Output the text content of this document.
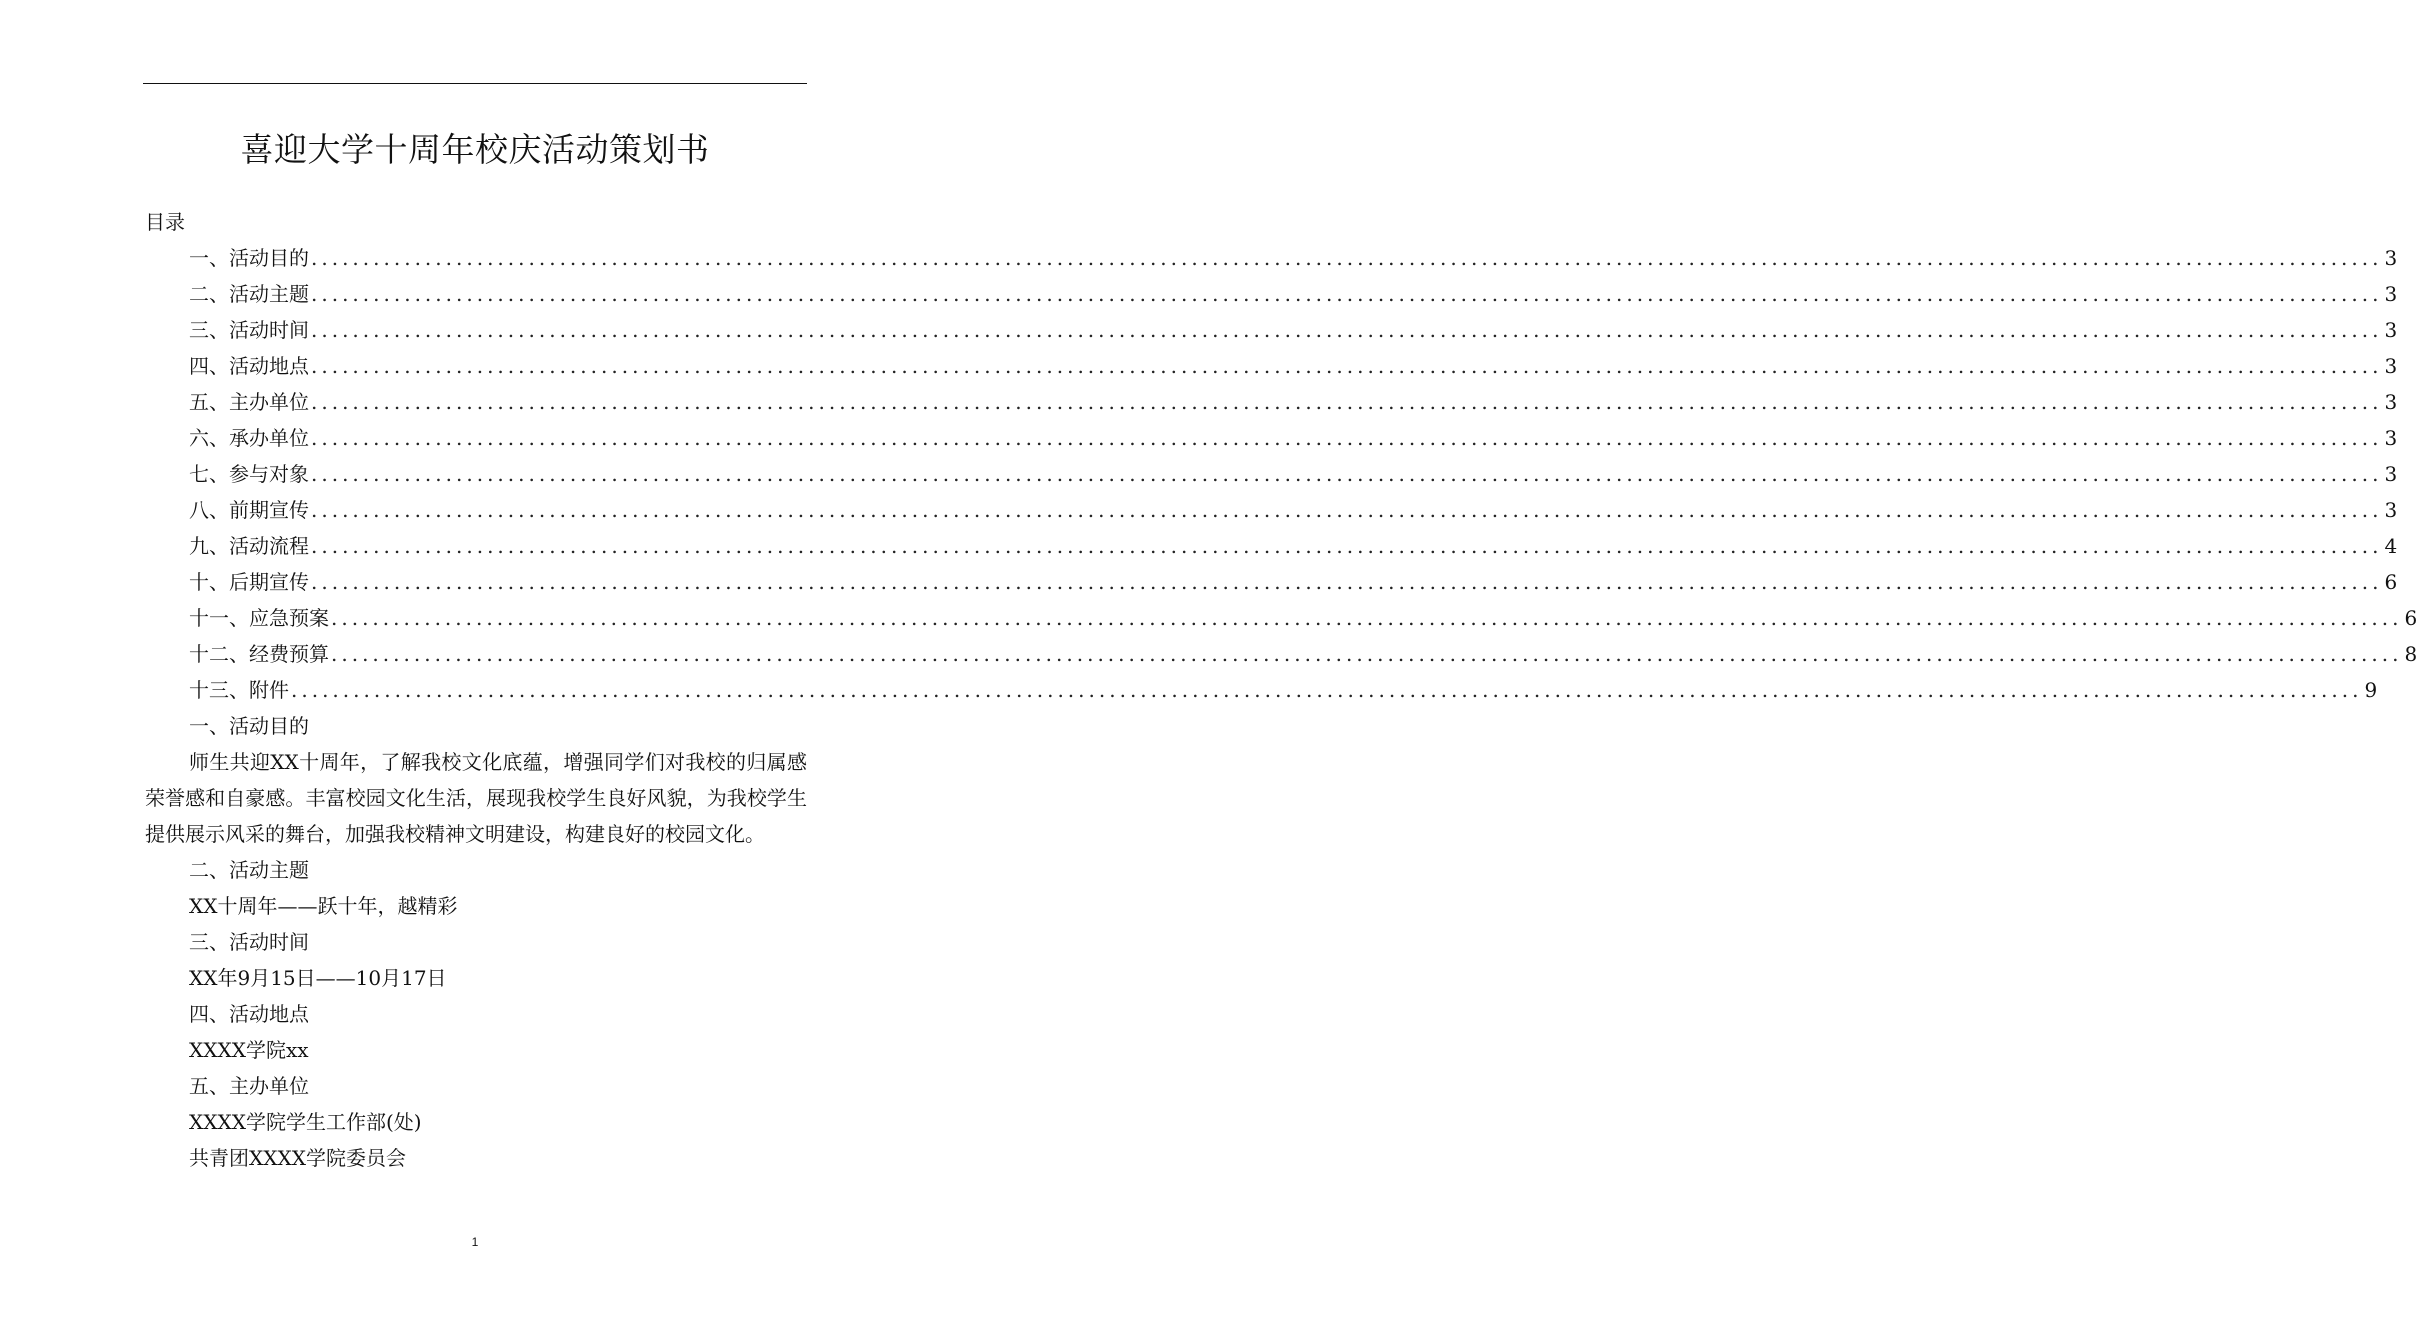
喜迎大学十周年校庆活动策划书
目录
一、活动目的 ........................................................................................................................................................................................................ 3
二、活动主题 ........................................................................................................................................................................................................ 3
三、活动时间 ........................................................................................................................................................................................................ 3
四、活动地点 ........................................................................................................................................................................................................ 3
五、主办单位 ........................................................................................................................................................................................................ 3
六、承办单位 ........................................................................................................................................................................................................ 3
七、参与对象 ........................................................................................................................................................................................................ 3
八、前期宣传 ........................................................................................................................................................................................................ 3
九、活动流程 ........................................................................................................................................................................................................ 4
十、后期宣传 ........................................................................................................................................................................................................ 6
十一、应急预案 ........................................................................................................................................................................................................ 6
十二、经费预算 ........................................................................................................................................................................................................ 8
十三、附件 ........................................................................................................................................................................................................ 9
一、活动目的
师生共迎XX十周年，了解我校文化底蕴，增强同学们对我校的归属感荣誉感和自豪感。丰富校园文化生活，展现我校学生良好风貌，为我校学生提供展示风采的舞台，加强我校精神文明建设，构建良好的校园文化。
二、活动主题
XX十周年——跃十年，越精彩
三、活动时间
XX年9月15日——10月17日
四、活动地点
XXXX学院xx
五、主办单位
XXXX学院学生工作部(处)
共青团XXXX学院委员会
1
